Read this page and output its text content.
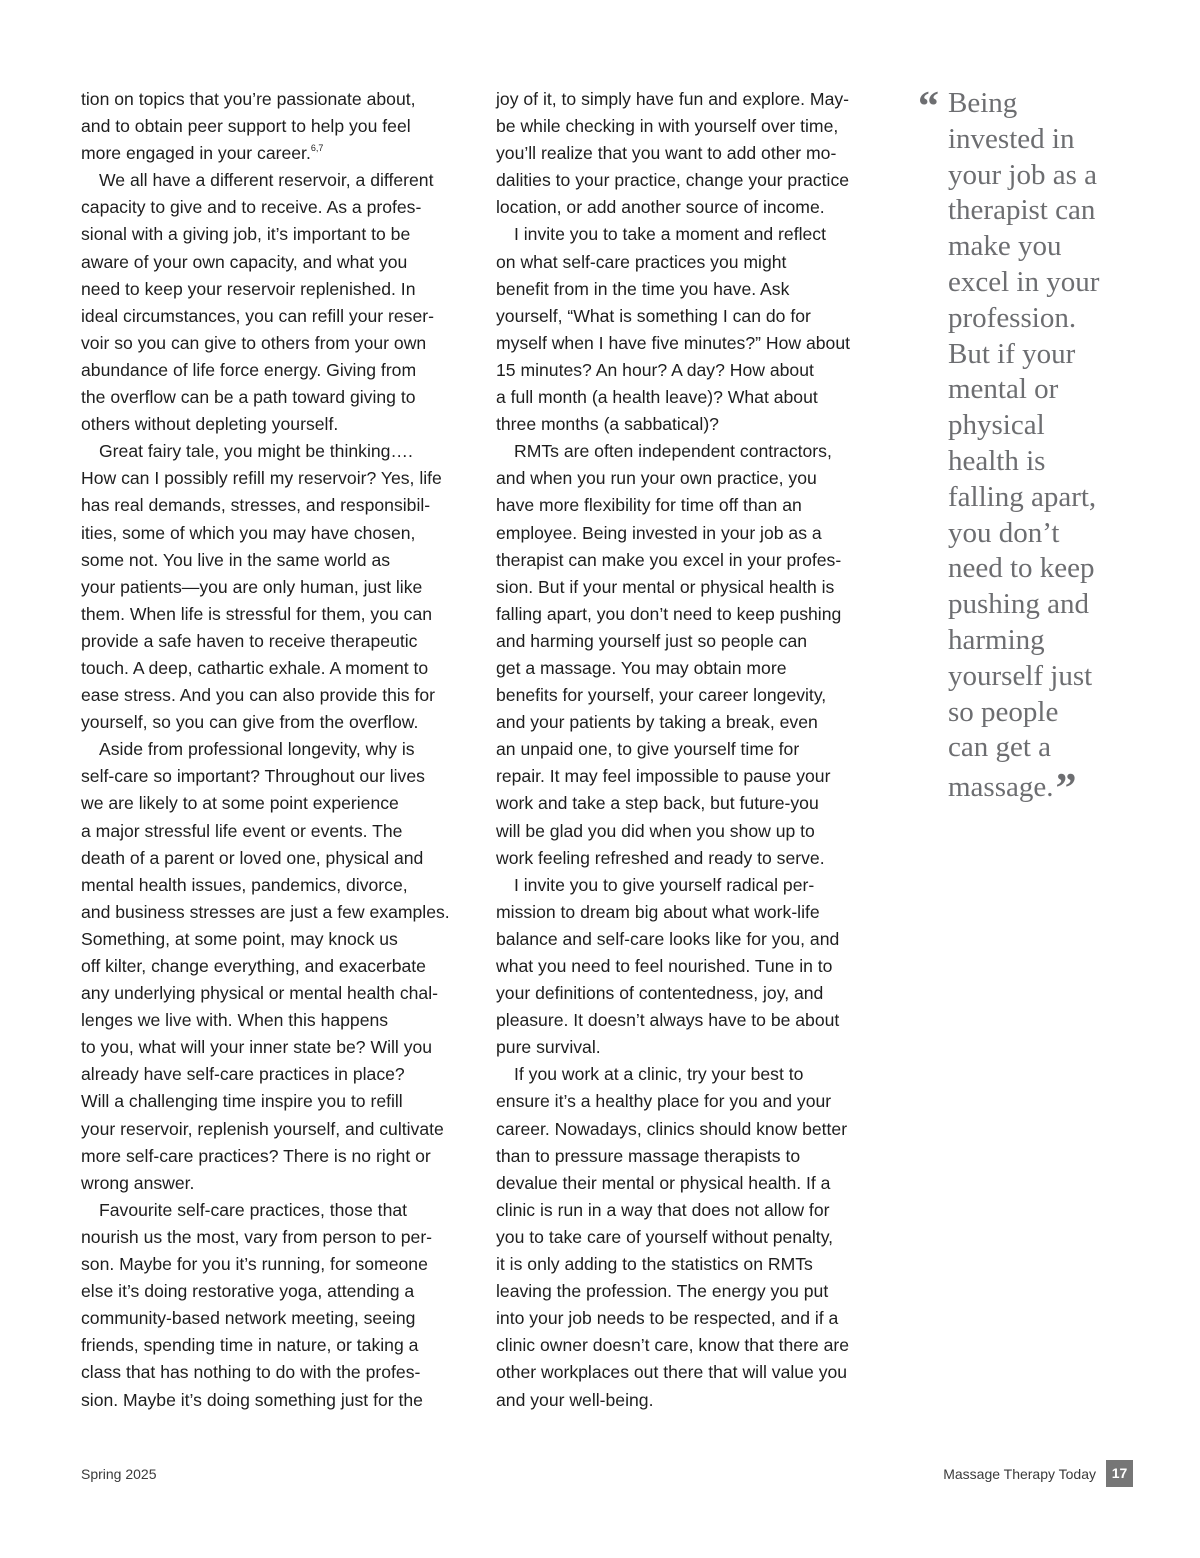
tion on topics that you’re passionate about,
and to obtain peer support to help you feel
more engaged in your career.$^{6,7}$
We all have a different reservoir, a different
capacity to give and to receive. As a profes-
sional with a giving job, it’s important to be
aware of your own capacity, and what you
need to keep your reservoir replenished. In
ideal circumstances, you can refill your reser-
voir so you can give to others from your own
abundance of life force energy. Giving from
the overflow can be a path toward giving to
others without depleting yourself.
Great fairy tale, you might be thinking….
How can I possibly refill my reservoir? Yes, life
has real demands, stresses, and responsibil-
ities, some of which you may have chosen,
some not. You live in the same world as
your patients—you are only human, just like
them. When life is stressful for them, you can
provide a safe haven to receive therapeutic
touch. A deep, cathartic exhale. A moment to
ease stress. And you can also provide this for
yourself, so you can give from the overflow.
Aside from professional longevity, why is
self-care so important? Throughout our lives
we are likely to at some point experience
a major stressful life event or events. The
death of a parent or loved one, physical and
mental health issues, pandemics, divorce,
and business stresses are just a few examples.
Something, at some point, may knock us
off kilter, change everything, and exacerbate
any underlying physical or mental health chal-
lenges we live with. When this happens
to you, what will your inner state be? Will you
already have self-care practices in place?
Will a challenging time inspire you to refill
your reservoir, replenish yourself, and cultivate
more self-care practices? There is no right or
wrong answer.
Favourite self-care practices, those that
nourish us the most, vary from person to per-
son. Maybe for you it’s running, for someone
else it’s doing restorative yoga, attending a
community-based network meeting, seeing
friends, spending time in nature, or taking a
class that has nothing to do with the profes-
sion. Maybe it’s doing something just for the
joy of it, to simply have fun and explore. May-
be while checking in with yourself over time,
you’ll realize that you want to add other mo-
dalities to your practice, change your practice
location, or add another source of income.
I invite you to take a moment and reflect
on what self-care practices you might
benefit from in the time you have. Ask
yourself, “What is something I can do for
myself when I have five minutes?” How about
15 minutes? An hour? A day? How about
a full month (a health leave)? What about
three months (a sabbatical)?
RMTs are often independent contractors,
and when you run your own practice, you
have more flexibility for time off than an
employee. Being invested in your job as a
therapist can make you excel in your profes-
sion. But if your mental or physical health is
falling apart, you don’t need to keep pushing
and harming yourself just so people can
get a massage. You may obtain more
benefits for yourself, your career longevity,
and your patients by taking a break, even
an unpaid one, to give yourself time for
repair. It may feel impossible to pause your
work and take a step back, but future-you
will be glad you did when you show up to
work feeling refreshed and ready to serve.
I invite you to give yourself radical per-
mission to dream big about what work-life
balance and self-care looks like for you, and
what you need to feel nourished. Tune in to
your definitions of contentedness, joy, and
pleasure. It doesn’t always have to be about
pure survival.
If you work at a clinic, try your best to
ensure it’s a healthy place for you and your
career. Nowadays, clinics should know better
than to pressure massage therapists to
devalue their mental or physical health. If a
clinic is run in a way that does not allow for
you to take care of yourself without penalty,
it is only adding to the statistics on RMTs
leaving the profession. The energy you put
into your job needs to be respected, and if a
clinic owner doesn’t care, know that there are
other workplaces out there that will value you
and your well-being.
“ Being
invested in
your job as a
therapist can
make you
excel in your
profession.
But if your
mental or
physical
health is
falling apart,
you don’t
need to keep
pushing and
harming
yourself just
so people
can get a
massage.”
Spring 2025	Massage Therapy Today	17
